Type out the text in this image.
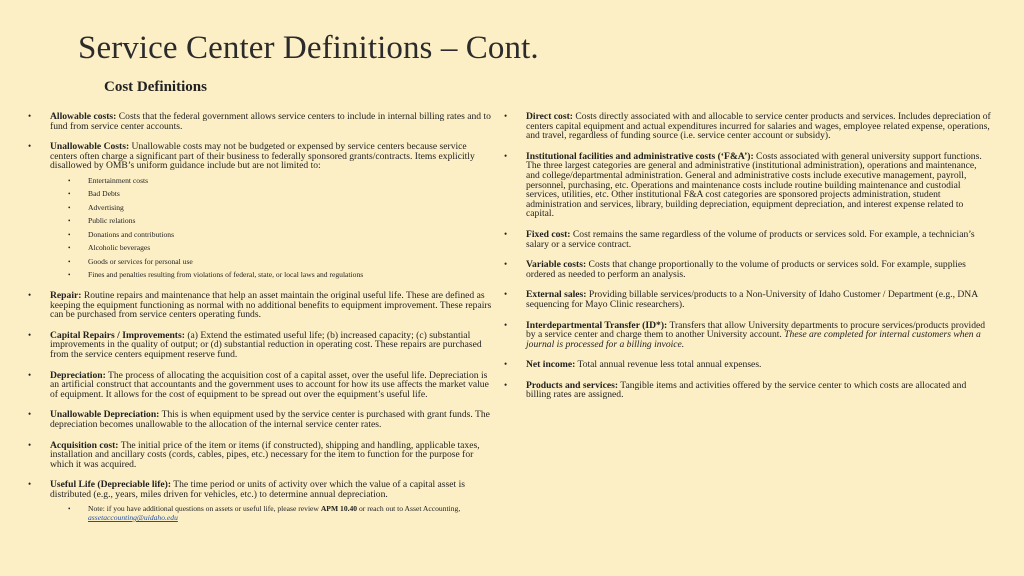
Service Center Definitions – Cont.
Cost Definitions
• Allowable costs: Costs that the federal government allows service centers to include in internal billing rates and to fund from service center accounts.
• Unallowable Costs: Unallowable costs may not be budgeted or expensed by service centers because service centers often charge a significant part of their business to federally sponsored grants/contracts. Items explicitly disallowed by OMB’s uniform guidance include but are not limited to:
• Entertainment costs
• Bad Debts
• Advertising
• Public relations
• Donations and contributions
• Alcoholic beverages
• Goods or services for personal use
• Fines and penalties resulting from violations of federal, state, or local laws and regulations
• Repair: Routine repairs and maintenance that help an asset maintain the original useful life. These are defined as keeping the equipment functioning as normal with no additional benefits to equipment improvement. These repairs can be purchased from service centers operating funds.
• Capital Repairs / Improvements: (a) Extend the estimated useful life; (b) increased capacity; (c) substantial improvements in the quality of output; or (d) substantial reduction in operating cost. These repairs are purchased from the service centers equipment reserve fund.
• Depreciation: The process of allocating the acquisition cost of a capital asset, over the useful life. Depreciation is an artificial construct that accountants and the government uses to account for how its use affects the market value of equipment. It allows for the cost of equipment to be spread out over the equipment’s useful life.
• Unallowable Depreciation: This is when equipment used by the service center is purchased with grant funds. The depreciation becomes unallowable to the allocation of the internal service center rates.
• Acquisition cost: The initial price of the item or items (if constructed), shipping and handling, applicable taxes, installation and ancillary costs (cords, cables, pipes, etc.) necessary for the item to function for the purpose for which it was acquired.
• Useful Life (Depreciable life): The time period or units of activity over which the value of a capital asset is distributed (e.g., years, miles driven for vehicles, etc.) to determine annual depreciation.
• Note: if you have additional questions on assets or useful life, please review APM 10.40 or reach out to Asset Accounting, assetaccounting@uidaho.edu
• Direct cost: Costs directly associated with and allocable to service center products and services. Includes depreciation of centers capital equipment and actual expenditures incurred for salaries and wages, employee related expense, operations, and travel, regardless of funding source (i.e. service center account or subsidy).
• Institutional facilities and administrative costs (‘F&A’): Costs associated with general university support functions. The three largest categories are general and administrative (institutional administration), operations and maintenance, and college/departmental administration. General and administrative costs include executive management, payroll, personnel, purchasing, etc. Operations and maintenance costs include routine building maintenance and custodial services, utilities, etc. Other institutional F&A cost categories are sponsored projects administration, student administration and services, library, building depreciation, equipment depreciation, and interest expense related to capital.
• Fixed cost: Cost remains the same regardless of the volume of products or services sold. For example, a technician’s salary or a service contract.
• Variable costs: Costs that change proportionally to the volume of products or services sold. For example, supplies ordered as needed to perform an analysis.
• External sales: Providing billable services/products to a Non-University of Idaho Customer / Department (e.g., DNA sequencing for Mayo Clinic researchers).
• Interdepartmental Transfer (ID*): Transfers that allow University departments to procure services/products provided by a service center and charge them to another University account. These are completed for internal customers when a journal is processed for a billing invoice.
• Net income: Total annual revenue less total annual expenses.
• Products and services: Tangible items and activities offered by the service center to which costs are allocated and billing rates are assigned.
